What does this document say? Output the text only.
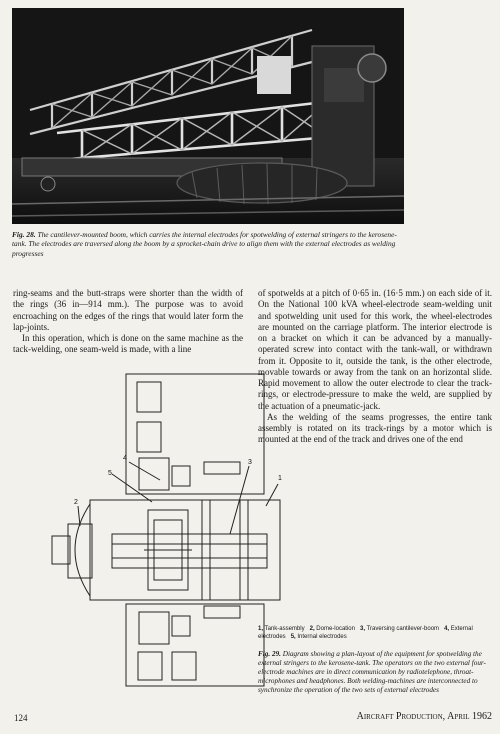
Fig. 28. The cantilever-mounted boom, which carries the internal electrodes for spotwelding of external stringers to the kerosene-tank. The electrodes are traversed along the boom by a sprocket-chain drive to align them with the external electrodes as welding progresses

ring-seams and the butt-straps were shorter than the width of the rings (36 in—914 mm.). The purpose was to avoid encroaching on the edges of the rings that would later form the lap-joints.

In this operation, which is done on the same machine as the tack-welding, one seam-weld is made, with a line

of spotwelds at a pitch of 0·65 in. (16·5 mm.) on each side of it. On the National 100 kVA wheel-electrode seam-welding unit and spotwelding unit used for this work, the wheel-electrodes are mounted on the carriage platform. The interior electrode is on a bracket on which it can be advanced by a manually-operated screw into contact with the tank-wall, or withdrawn from it. Opposite to it, outside the tank, is the other electrode, movable towards or away from the tank on an horizontal slide. Rapid movement to allow the outer electrode to clear the track-rings, or electrode-pressure to make the weld, are supplied by the actuation of a pneumatic-jack.

As the welding of the seams progresses, the entire tank assembly is rotated on its track-rings by a motor which is mounted at the end of the track and drives one of the end

1
2
3
4
5

1, Tank-assembly 2, Dome-location 3, Traversing cantilever-boom 4, External electrodes 5, Internal electrodes

Fig. 29. Diagram showing a plan-layout of the equipment for spotwelding the external stringers to the kerosene-tank. The operators on the two external four-electrode machines are in direct communication by radiotelephone, throat-microphones and headphones. Both welding-machines are interconnected to synchronize the operation of the two sets of external electrodes

124	Aircraft Production, April 1962
